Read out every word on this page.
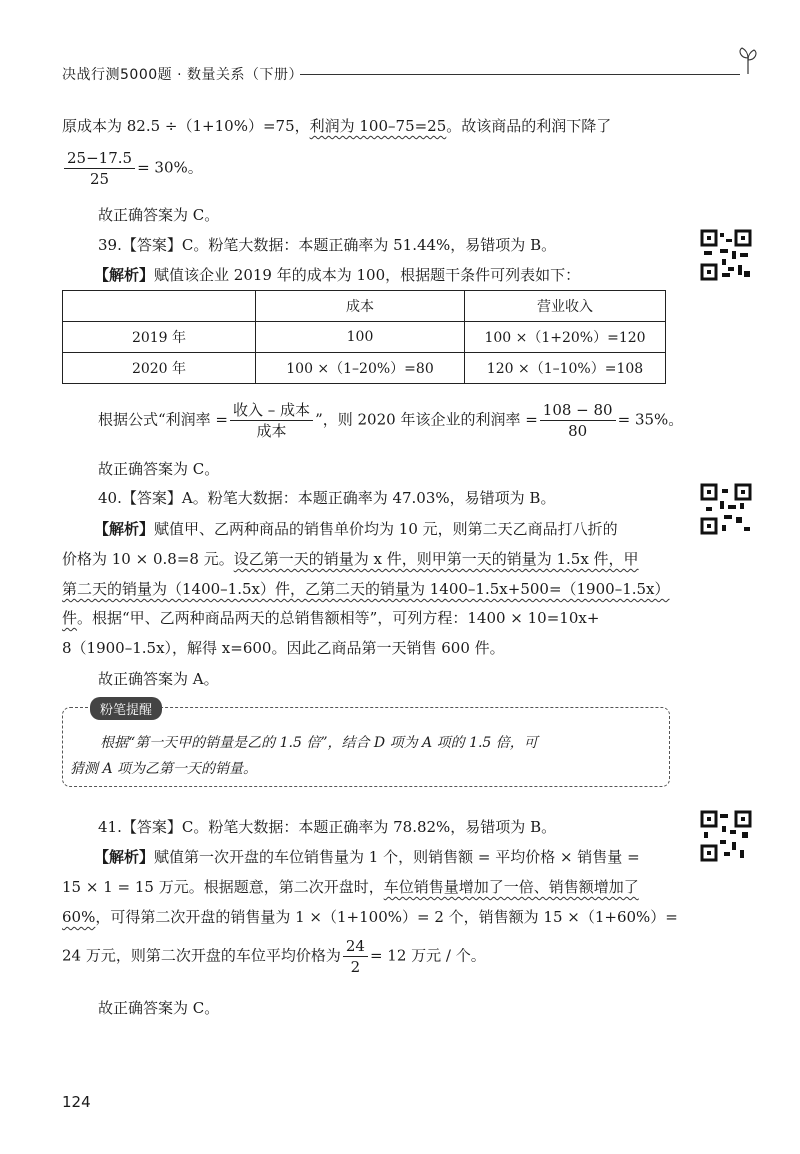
决战行测5000题 · 数量关系（下册）
原成本为 82.5 ÷（1+10%）=75，利润为 100–75=25。故该商品的利润下降了
$\frac{25-17.5}{25} = 30\%$。
故正确答案为 C。
39.【答案】C。粉笔大数据：本题正确率为 51.44%，易错项为 B。
【解析】赋值该企业 2019 年的成本为 100，根据题干条件可列表如下：
	成本	营业收入
2019 年	100	100 ×（1+20%）=120
2020 年	100 ×（1–20%）=80	120 ×（1–10%）=108
根据公式“利润率 = $\frac{\text{收入 – 成本}}{\text{成本}}$ ”，则 2020 年该企业的利润率 = $\frac{108 - 80}{80} = 35\%$。
故正确答案为 C。
40.【答案】A。粉笔大数据：本题正确率为 47.03%，易错项为 B。
【解析】赋值甲、乙两种商品的销售单价均为 10 元，则第二天乙商品打八折的
价格为 10 × 0.8=8 元。设乙第一天的销量为 x 件，则甲第一天的销量为 1.5x 件，甲
第二天的销量为（1400–1.5x）件，乙第二天的销量为 1400–1.5x+500=（1900–1.5x）
件。根据“甲、乙两种商品两天的总销售额相等”，可列方程：1400 × 10=10x+
8（1900–1.5x），解得 x=600。因此乙商品第一天销售 600 件。
故正确答案为 A。
粉笔提醒
根据“第一天甲的销量是乙的 1.5 倍”，结合 D 项为 A 项的 1.5 倍，可
猜测 A 项为乙第一天的销量。
41.【答案】C。粉笔大数据：本题正确率为 78.82%，易错项为 B。
【解析】赋值第一次开盘的车位销售量为 1 个，则销售额 = 平均价格 × 销售量 =
15 × 1 = 15 万元。根据题意，第二次开盘时，车位销售量增加了一倍、销售额增加了
60%，可得第二次开盘的销售量为 1 ×（1+100%）= 2 个，销售额为 15 ×（1+60%）=
24 万元，则第二次开盘的车位平均价格为 $\frac{24}{2} = 12$ 万元 / 个。
故正确答案为 C。
124
